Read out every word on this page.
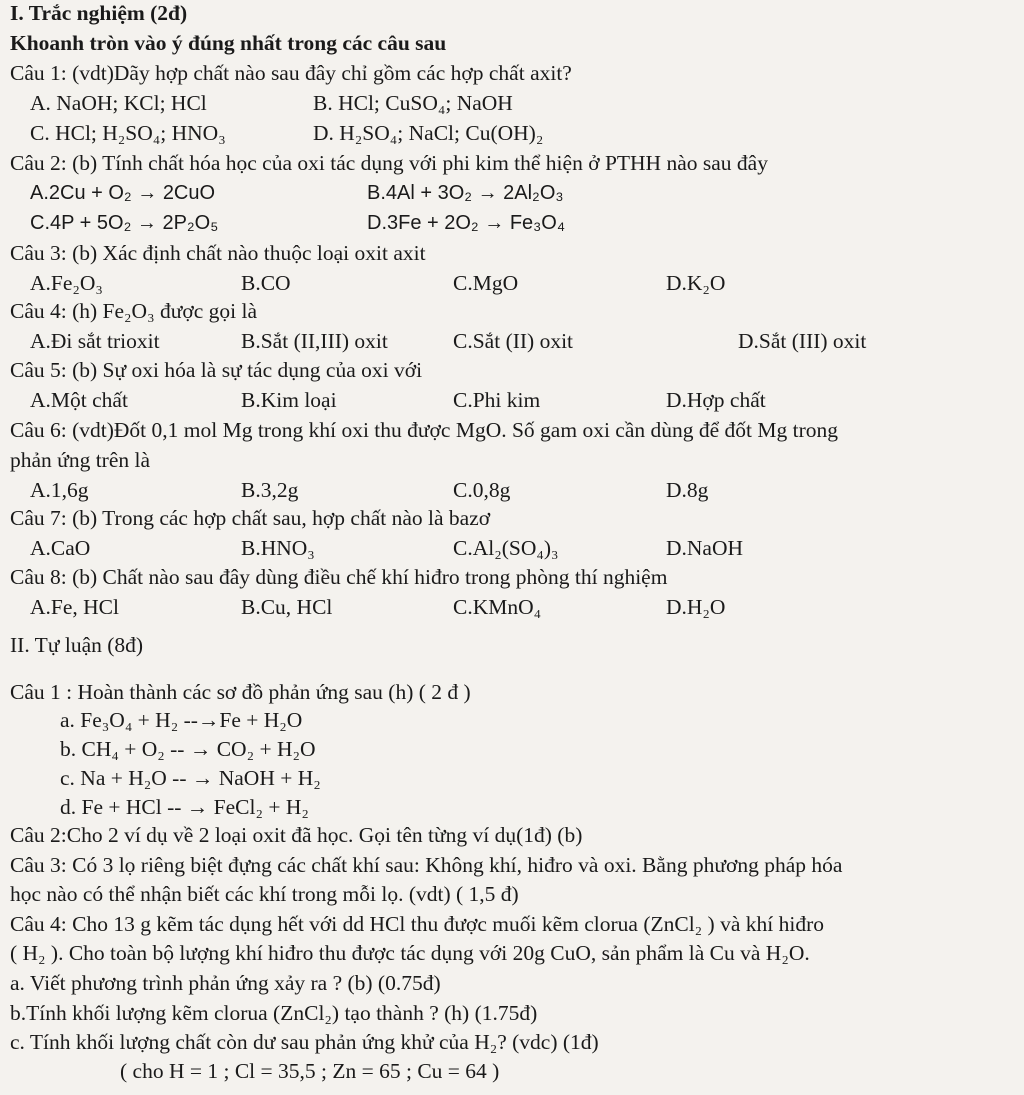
I. Trắc nghiệm (2đ)
Khoanh tròn vào ý đúng nhất trong các câu sau
Câu 1: (vdt)Dãy hợp chất nào sau đây chỉ gồm các hợp chất axit?
A. NaOH; KCl; HCl	B. HCl; CuSO₄; NaOH
C. HCl; H₂SO₄; HNO₃	D. H₂SO₄; NaCl; Cu(OH)₂
Câu 2: (b) Tính chất hóa học của oxi tác dụng với phi kim thể hiện ở PTHH nào sau đây
A.2Cu + O₂ → 2CuO	B.4Al + 3O₂ → 2Al₂O₃
C.4P + 5O₂ → 2P₂O₅	D.3Fe + 2O₂ → Fe₃O₄
Câu 3: (b) Xác định chất nào thuộc loại oxit axit
A.Fe₂O₃	B.CO	C.MgO	D.K₂O
Câu 4: (h) Fe₂O₃ được gọi là
A.Đi sắt trioxit	B.Sắt (II,III) oxit	C.Sắt (II) oxit	D.Sắt (III) oxit
Câu 5: (b) Sự oxi hóa là sự tác dụng của oxi với
A.Một chất	B.Kim loại	C.Phi kim	D.Hợp chất
Câu 6: (vdt)Đốt 0,1 mol Mg trong khí oxi thu được MgO. Số gam oxi cần dùng để đốt Mg trong
phản ứng trên là
A.1,6g	B.3,2g	C.0,8g	D.8g
Câu 7: (b) Trong các hợp chất sau, hợp chất nào là bazơ
A.CaO	B.HNO₃	C.Al₂(SO₄)₃	D.NaOH
Câu 8: (b) Chất nào sau đây dùng điều chế khí hiđro trong phòng thí nghiệm
A.Fe, HCl	B.Cu, HCl	C.KMnO₄	D.H₂O
II. Tự luận (8đ)
Câu 1 : Hoàn thành các sơ đồ phản ứng sau (h) ( 2 đ )
a. Fe₃O₄ + H₂ --→Fe + H₂O
b. CH₄ + O₂ -- → CO₂ + H₂O
c. Na + H₂O -- → NaOH + H₂
d. Fe + HCl -- → FeCl₂ + H₂
Câu 2:Cho 2 ví dụ về 2 loại oxit đã học. Gọi tên từng ví dụ(1đ) (b)
Câu 3: Có 3 lọ riêng biệt đựng các chất khí sau: Không khí, hiđro và oxi. Bằng phương pháp hóa
học nào có thể nhận biết các khí trong mỗi lọ. (vdt) ( 1,5 đ)
Câu 4: Cho 13 g kẽm tác dụng hết với dd HCl thu được muối kẽm clorua (ZnCl₂ ) và khí hiđro
( H₂ ). Cho toàn bộ lượng khí hiđro thu được tác dụng với 20g CuO, sản phẩm là Cu và H₂O.
a. Viết phương trình phản ứng xảy ra ? (b) (0.75đ)
b.Tính khối lượng kẽm clorua (ZnCl₂) tạo thành ? (h) (1.75đ)
c. Tính khối lượng chất còn dư sau phản ứng khử của H₂? (vdc) (1đ)
( cho H = 1 ; Cl = 35,5 ; Zn = 65 ; Cu = 64 )
